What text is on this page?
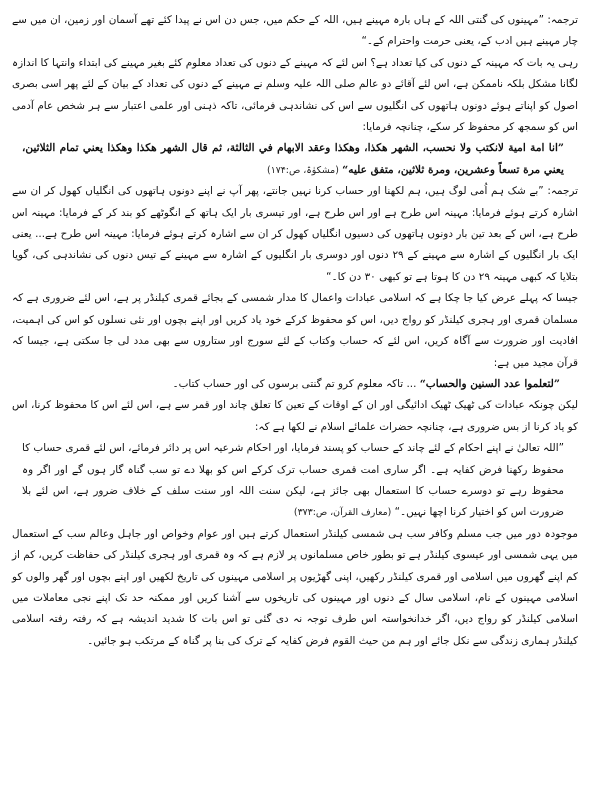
ترجمہ: ”مہینوں کی گنتی اللہ کے ہاں بارہ مہینے ہیں، اللہ کے حکم میں، جس دن اس نے پیدا کئے تھے آسمان اور زمین، ان میں سے چار مہینے ہیں ادب کے، یعنی حرمت واحترام کے۔“

رہی یہ بات کہ مہینہ کے دنوں کی کیا تعداد ہے؟ اس لئے کہ مہینے کے دنوں کی تعداد معلوم کئے بغیر مہینے کی ابتداء وانتہا کا اندازہ لگانا مشکل بلکہ ناممکن ہے، اس لئے آقائے دو عالم صلی اللہ علیہ وسلم نے مہینے کے دنوں کی تعداد کے بیان کے لئے پھر اسی بصری اصول کو اپناتے ہوئے دونوں ہاتھوں کی انگلیوں سے اس کی نشاندہی فرمائی، تاکہ ذہنی اور علمی اعتبار سے ہر شخص عام آدمی اس کو سمجھ کر محفوظ کر سکے، چنانچہ فرمایا:

”انا امة امية لانكتب ولا نحسب، الشهر هكذا، وهكذا وعقد الابهام في الثالثة، ثم قال الشهر هكذا وهكذا يعني تمام الثلاثين، يعني مرة تسعاً وعشرين، ومرة ثلاثين، متفق عليه“ (مشکوٰۃ، ص:۱۷۴)

ترجمہ: ”بے شک ہم اُمی لوگ ہیں، ہم لکھنا اور حساب کرنا نہیں جانتے، پھر آپ نے اپنے دونوں ہاتھوں کی انگلیاں کھول کر ان سے اشارہ کرتے ہوئے فرمایا: مہینہ اس طرح ہے اور اس طرح ہے، اور تیسری بار ایک ہاتھ کے انگوٹھے کو بند کر کے فرمایا: مہینہ اس طرح ہے، اس کے بعد تین بار دونوں ہاتھوں کی دسیوں انگلیاں کھول کر ان سے اشارہ کرتے ہوئے فرمایا: مہینہ اس طرح ہے... یعنی ایک بار انگلیوں کے اشارہ سے مہینے کے ۲۹ دنوں اور دوسری بار انگلیوں کے اشارہ سے مہینے کے تیس دنوں کی نشاندہی کی، گویا بتلایا کہ کبھی مہینہ ۲۹ دن کا ہوتا ہے تو کبھی ۳۰ دن کا۔“

جیسا کہ پہلے عرض کیا جا چکا ہے کہ اسلامی عبادات واعمال کا مدار شمسی کے بجائے قمری کیلنڈر پر ہے، اس لئے ضروری ہے کہ مسلمان قمری اور ہجری کیلنڈر کو رواج دیں، اس کو محفوظ کرکے خود یاد کریں اور اپنے بچوں اور نئی نسلوں کو اس کی اہمیت، افادیت اور ضرورت سے آگاہ کریں، اس لئے کہ حساب وکتاب کے لئے سورج اور ستاروں سے بھی مدد لی جا سکتی ہے، جیسا کہ قرآن مجید میں ہے:

”لتعلموا عدد السنين والحساب“ ... تاکہ معلوم کرو تم گنتی برسوں کی اور حساب کتاب۔

لیکن چونکہ عبادات کی ٹھیک ٹھیک ادائیگی اور ان کے اوقات کے تعین کا تعلق چاند اور قمر سے ہے، اس لئے اس کا محفوظ کرنا، اس کو یاد کرنا از بس ضروری ہے، چنانچہ حضرات علمائے اسلام نے لکھا ہے کہ:

”اللہ تعالیٰ نے اپنے احکام کے لئے چاند کے حساب کو پسند فرمایا، اور احکام شرعیہ اس پر دائر فرمائے، اس لئے قمری حساب کا محفوظ رکھنا فرض کفایہ ہے۔ اگر ساری امت قمری حساب ترک کرکے اس کو بھلا دے تو سب گناہ گار ہوں گے اور اگر وہ محفوظ رہے تو دوسرے حساب کا استعمال بھی جائز ہے، لیکن سنت اللہ اور سنت سلف کے خلاف ضرور ہے، اس لئے بلا ضرورت اس کو اختیار کرنا اچھا نہیں۔“ (معارف القرآن، ص:۳۷۳)

موجودہ دور میں جب مسلم وکافر سب ہی شمسی کیلنڈر استعمال کرتے ہیں اور عوام وخواص اور جاہل وعالم سب کے استعمال میں یہی شمسی اور عیسوی کیلنڈر ہے تو بطور خاص مسلمانوں پر لازم ہے کہ وہ قمری اور ہجری کیلنڈر کی حفاظت کریں، کم از کم اپنے گھروں میں اسلامی اور قمری کیلنڈر رکھیں، اپنی گھڑیوں پر اسلامی مہینوں کی تاریخ لکھیں اور اپنے بچوں اور گھر والوں کو اسلامی مہینوں کے نام، اسلامی سال کے دنوں اور مہینوں کی تاریخوں سے آشنا کریں اور ممکنہ حد تک اپنے نجی معاملات میں اسلامی کیلنڈر کو رواج دیں، اگر خدانخواستہ اس طرف توجہ نہ دی گئی تو اس بات کا شدید اندیشہ ہے کہ رفتہ رفتہ اسلامی کیلنڈر ہماری زندگی سے نکل جائے اور ہم من حیث القوم فرض کفایہ کے ترک کی بنا پر گناہ کے مرتکب ہو جائیں۔
